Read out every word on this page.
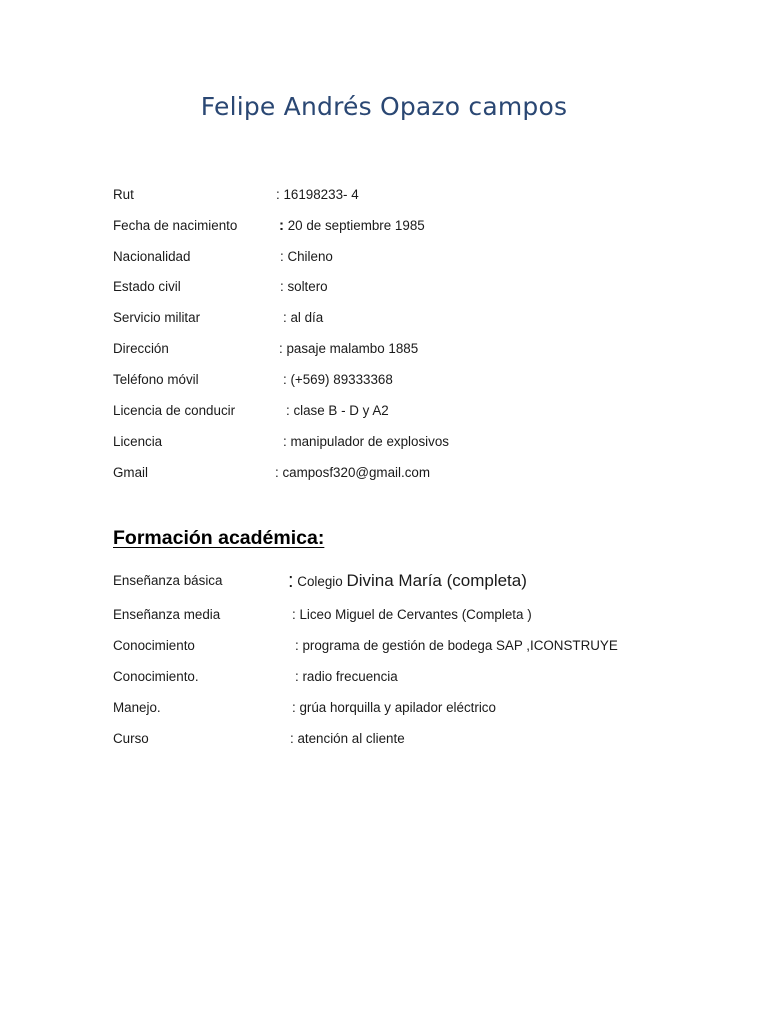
Felipe Andrés Opazo campos
Rut	: 16198233- 4
Fecha de nacimiento	: 20 de septiembre 1985
Nacionalidad	: Chileno
Estado civil	: soltero
Servicio militar	: al día
Dirección	: pasaje malambo 1885
Teléfono móvil	: (+569) 89333368
Licencia de conducir	: clase B - D y A2
Licencia	: manipulador de explosivos
Gmail	: camposf320@gmail.com
Formación académica:
Enseñanza básica	: Colegio Divina María (completa)
Enseñanza media	: Liceo Miguel de Cervantes (Completa )
Conocimiento	: programa de gestión de bodega SAP ,ICONSTRUYE
Conocimiento.	: radio frecuencia
Manejo.	: grúa horquilla y apilador eléctrico
Curso	: atención al cliente
